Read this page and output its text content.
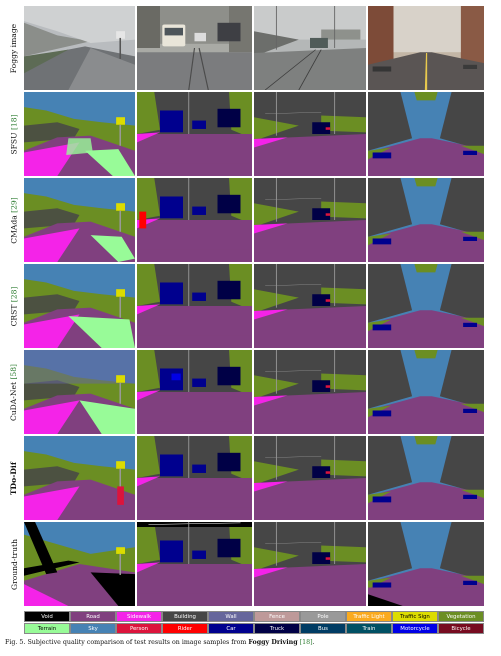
Foggy image
SFSU [18]
CMAda [29]
CRST [28]
CuDA-Net [58]
TDo-Dif
Ground-truth
Void	Road	Sidewalk	Building	Wall	Fence	Pole	Traffic Light	Traffic Sign	Vegetation
Terrain	Sky	Person	Rider	Car	Truck	Bus	Train	Motorcycle	Bicycle
Fig. 5. Subjective quality comparison of test results on image samples from Foggy Driving [18].
